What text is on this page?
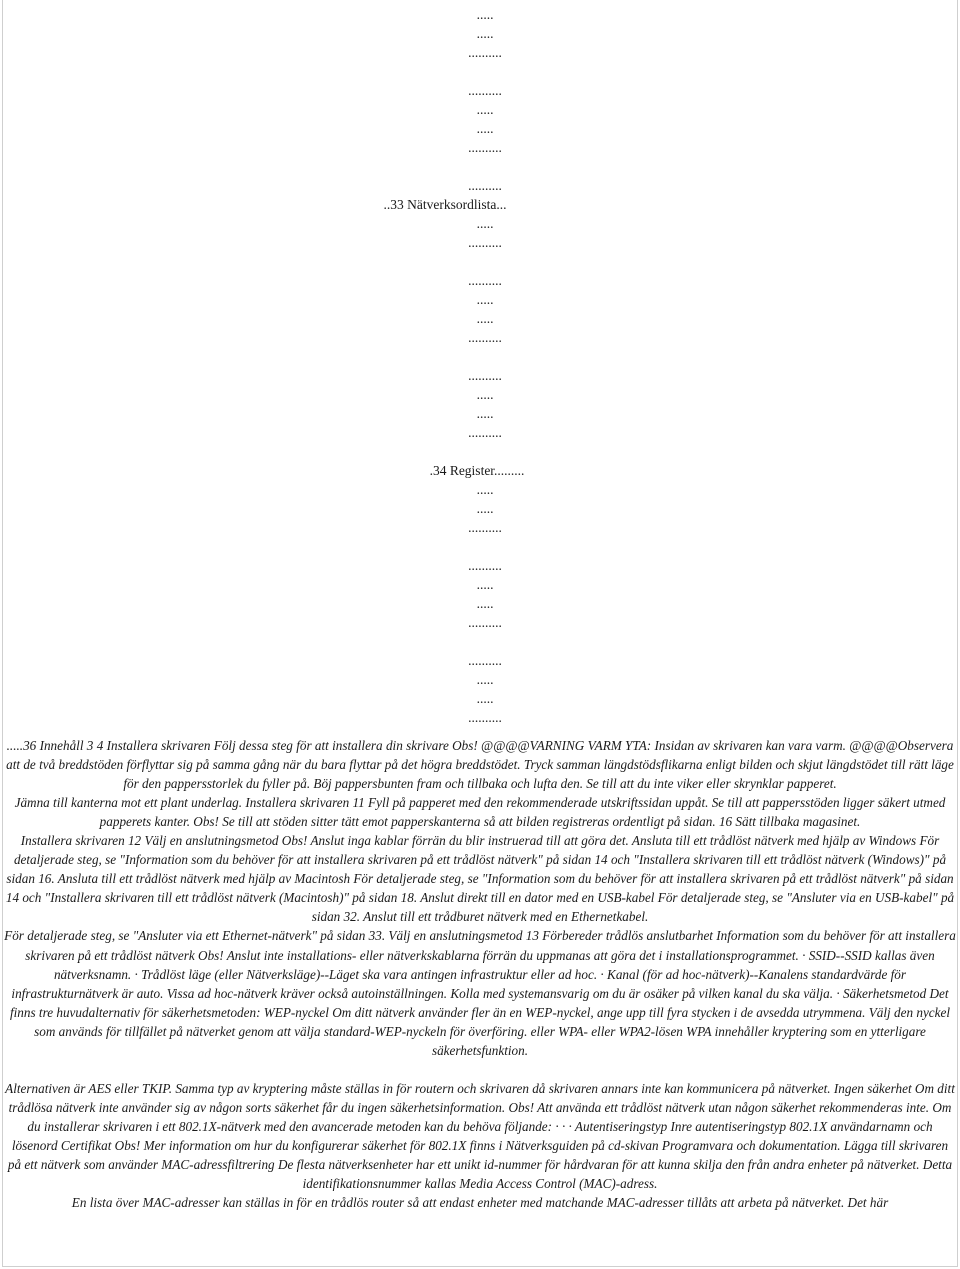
.....
.....
..........
..........
.....
.....
..........
..........
..33 Nätverksordlista...
.....
..........
..........
.....
.....
..........
..........
.....
.....
..........
.34 Register.........
.....
.....
..........
..........
.....
.....
..........
..........
.....
.....
..........

.....36 Innehåll 3 4 Installera skrivaren Följ dessa steg för att installera din skrivare Obs! @@@@VARNING VARM YTA: Insidan av skrivaren kan vara varm. @@@@Observera att de två breddstöden förflyttar sig på samma gång när du bara flyttar på det högra breddstödet. Tryck samman längdstödsflikarna enligt bilden och skjut längdstödet till rätt läge för den pappersstorlek du fyller på. Böj pappersbunten fram och tillbaka och lufta den. Se till att du inte viker eller skrynklar papperet.

Jämna till kanterna mot ett plant underlag. Installera skrivaren 11 Fyll på papperet med den rekommenderade utskriftssidan uppåt. Se till att pappersstöden ligger säkert utmed papperets kanter. Obs! Se till att stöden sitter tätt emot papperskanterna så att bilden registreras ordentligt på sidan. 16 Sätt tillbaka magasinet.

Installera skrivaren 12 Välj en anslutningsmetod Obs! Anslut inga kablar förrän du blir instruerad till att göra det. Ansluta till ett trådlöst nätverk med hjälp av Windows För detaljerade steg, se "Information som du behöver för att installera skrivaren på ett trådlöst nätverk" på sidan 14 och "Installera skrivaren till ett trådlöst nätverk (Windows)" på sidan 16. Ansluta till ett trådlöst nätverk med hjälp av Macintosh För detaljerade steg, se "Information som du behöver för att installera skrivaren på ett trådlöst nätverk" på sidan 14 och "Installera skrivaren till ett trådlöst nätverk (Macintosh)" på sidan 18. Anslut direkt till en dator med en USB-kabel För detaljerade steg, se "Ansluter via en USB-kabel" på sidan 32. Anslut till ett trådburet nätverk med en Ethernetkabel.

För detaljerade steg, se "Ansluter via ett Ethernet-nätverk" på sidan 33. Välj en anslutningsmetod 13 Förbereder trådlös anslutbarhet Information som du behöver för att installera skrivaren på ett trådlöst nätverk Obs! Anslut inte installations- eller nätverkskablarna förrän du uppmanas att göra det i installationsprogrammet. · SSID--SSID kallas även nätverksnamn. · Trådlöst läge (eller Nätverksläge)--Läget ska vara antingen infrastruktur eller ad hoc. · Kanal (för ad hoc-nätverk)--Kanalens standardvärde för infrastrukturnätverk är auto. Vissa ad hoc-nätverk kräver också autoinställningen. Kolla med systemansvarig om du är osäker på vilken kanal du ska välja. · Säkerhetsmetod Det finns tre huvudalternativ för säkerhetsmetoden: WEP-nyckel Om ditt nätverk använder fler än en WEP-nyckel, ange upp till fyra stycken i de avsedda utrymmena. Välj den nyckel som används för tillfället på nätverket genom att välja standard-WEP-nyckeln för överföring. eller WPA- eller WPA2-lösen WPA innehåller kryptering som en ytterligare säkerhetsfunktion.

Alternativen är AES eller TKIP. Samma typ av kryptering måste ställas in för routern och skrivaren då skrivaren annars inte kan kommunicera på nätverket. Ingen säkerhet Om ditt trådlösa nätverk inte använder sig av någon sorts säkerhet får du ingen säkerhetsinformation. Obs! Att använda ett trådlöst nätverk utan någon säkerhet rekommenderas inte. Om du installerar skrivaren i ett 802.1X-nätverk med den avancerade metoden kan du behöva följande: · · · Autentiseringstyp Inre autentiseringstyp 802.1X användarnamn och lösenord Certifikat Obs! Mer information om hur du konfigurerar säkerhet för 802.1X finns i Nätverksguiden på cd-skivan Programvara och dokumentation. Lägga till skrivaren på ett nätverk som använder MAC-adressfiltrering De flesta nätverksenheter har ett unikt id-nummer för hårdvaran för att kunna skilja den från andra enheter på nätverket. Detta identifikationsnummer kallas Media Access Control (MAC)-adress.

En lista över MAC-adresser kan ställas in för en trådlös router så att endast enheter med matchande MAC-adresser tillåts att arbeta på nätverket. Det här
